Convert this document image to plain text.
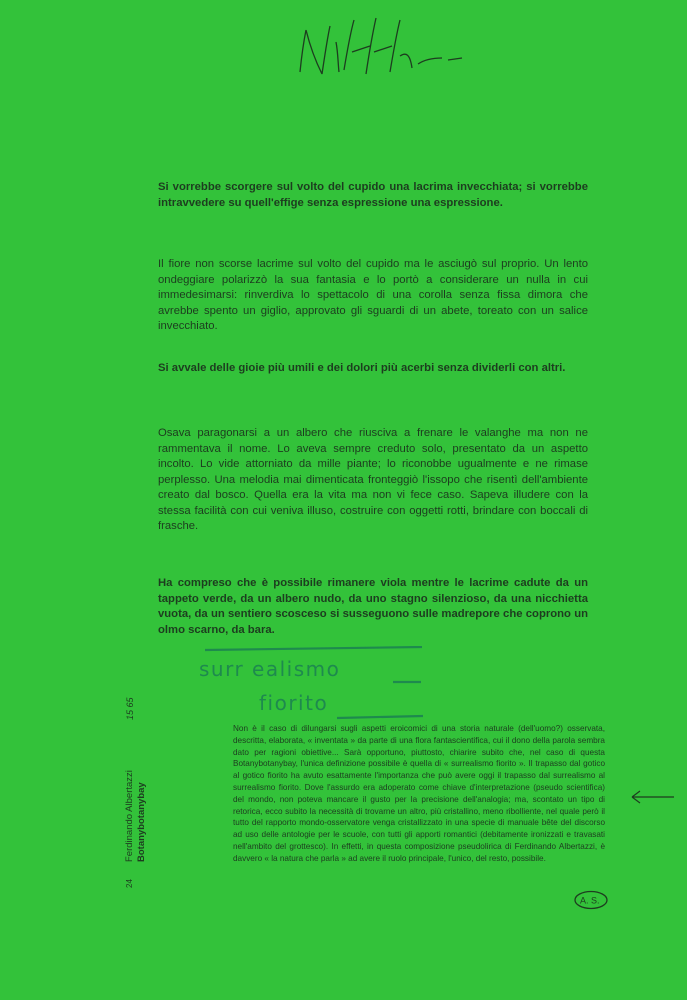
Si vorrebbe scorgere sul volto del cupido una lacrima invecchiata; si vorrebbe intravvedere su quell'effige senza espressione una espressione.

Il fiore non scorse lacrime sul volto del cupido ma le asciugò sul proprio. Un lento ondeggiare polarizzò la sua fantasia e lo portò a considerare un nulla in cui immedesimarsi: rinverdiva lo spettacolo di una corolla senza fissa dimora che avrebbe spento un giglio, approvato gli sguardi di un abete, toreato con un salice invecchiato.

Si avvale delle gioie più umili e dei dolori più acerbi senza dividerli con altri.

Osava paragonarsi a un albero che riusciva a frenare le valanghe ma non ne rammentava il nome. Lo aveva sempre creduto solo, presentato da un aspetto incolto. Lo vide attorniato da mille piante; lo riconobbe ugualmente e ne rimase perplesso. Una melodia mai dimenticata fronteggiò l'issopo che risentì dell'ambiente creato dal bosco. Quella era la vita ma non vi fece caso. Sapeva illudere con la stessa facilità con cui veniva illuso, costruire con oggetti rotti, brindare con boccali di frasche.

Ha compreso che è possibile rimanere viola mentre le lacrime cadute da un tappeto verde, da un albero nudo, da uno stagno silenzioso, da una nicchietta vuota, da un sentiero scosceso si susseguono sulle madrepore che coprono un olmo scarno, da bara.

surr ealismo
fiorito

Non è il caso di dilungarsi sugli aspetti eroicomici di una storia naturale (dell'uomo?) osservata, descritta, elaborata, « inventata » da parte di una flora fantascientifica, cui il dono della parola sembra dato per ragioni obiettive... Sarà opportuno, piuttosto, chiarire subito che, nel caso di questa Botanybotanybay, l'unica definizione possibile è quella di « surrealismo fiorito ». Il trapasso dal gotico al gotico fiorito ha avuto esattamente l'importanza che può avere oggi il trapasso dal surrealismo al surrealismo fiorito. Dove l'assurdo era adoperato come chiave d'interpretazione (pseudo scientifica) del mondo, non poteva mancare il gusto per la precisione dell'analogia; ma, scontato un tipo di retorica, ecco subito la necessità di trovarne un altro, più cristallino, meno ribolliente, nel quale però il tutto del rapporto mondo-osservatore venga cristallizzato in una specie di manuale bête del discorso ad uso delle antologie per le scuole, con tutti gli apporti romantici (debitamente ironizzati e travasati nell'ambito del grottesco). In effetti, in questa composizione pseudolirica di Ferdinando Albertazzi, è davvero « la natura che parla » ad avere il ruolo principale, l'unico, del resto, possibile.

A. S.
24
Ferdinando Albertazzi Botanybotanybay
15 65
